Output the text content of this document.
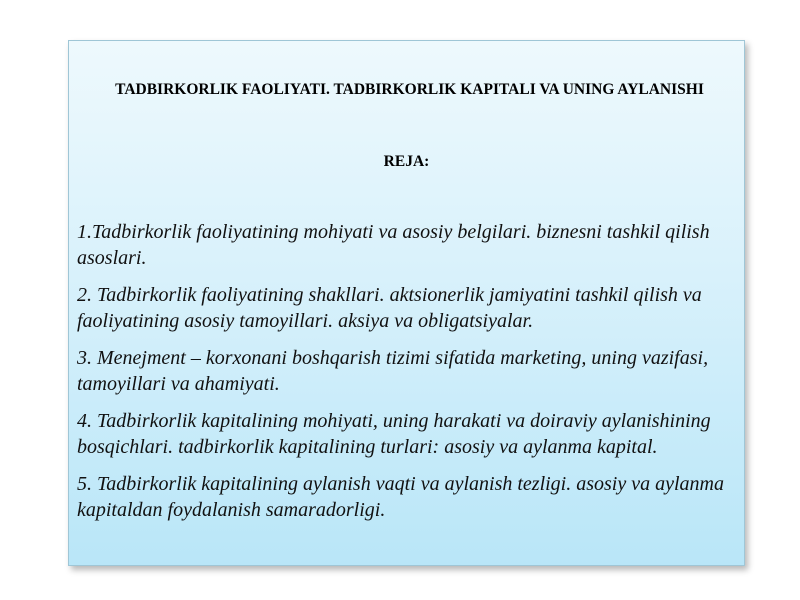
TADBIRKORLIK FAOLIYATI. TADBIRKORLIK KAPITALI VA UNING AYLANISHI
REJA:
1.Tadbirkorlik faoliyatining mohiyati va asosiy belgilari. biznesni tashkil qilish asoslari.
2. Tadbirkorlik faoliyatining shakllari. aktsionerlik jamiyatini tashkil qilish va faoliyatining asosiy tamoyillari. aksiya va obligatsiyalar.
3. Menejment – korxonani boshqarish tizimi sifatida marketing, uning vazifasi, tamoyillari va ahamiyati.
4. Tadbirkorlik kapitalining mohiyati, uning harakati va doiraviy aylanishining bosqichlari. tadbirkorlik kapitalining turlari: asosiy va aylanma kapital.
5. Tadbirkorlik kapitalining aylanish vaqti va aylanish tezligi. asosiy va aylanma kapitaldan foydalanish samaradorligi.
